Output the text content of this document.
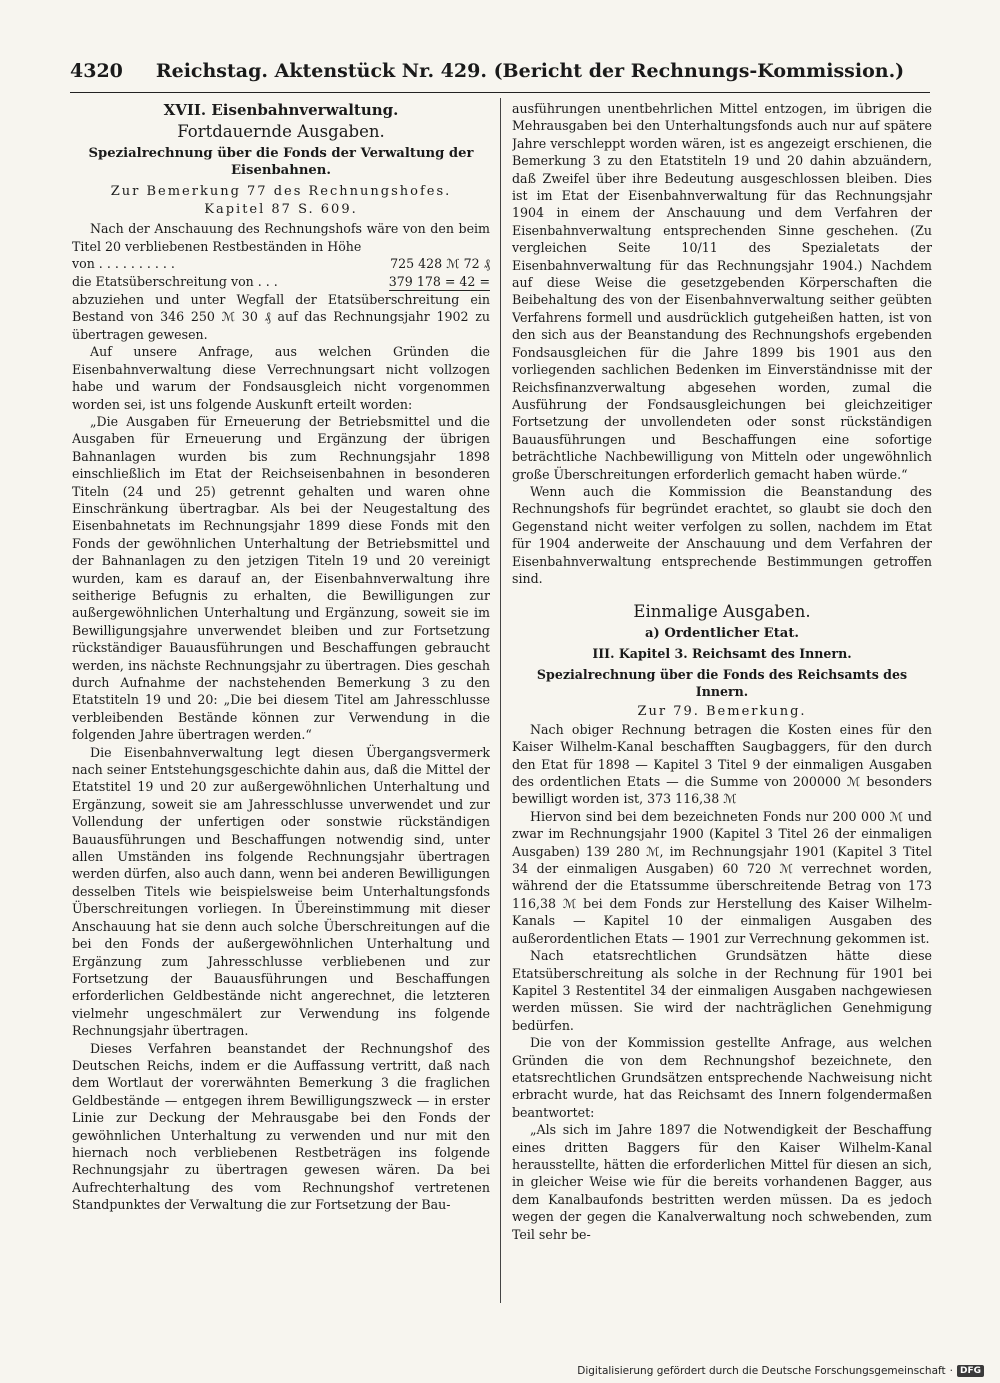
4320	Reichstag. Aktenstück Nr. 429. (Bericht der Rechnungs-Kommission.)
XVII. Eisenbahnverwaltung.
Fortdauernde Ausgaben.
Spezialrechnung über die Fonds der Verwaltung der Eisenbahnen.
Zur Bemerkung 77 des Rechnungshofes.
Kapitel 87 S. 609.

Nach der Anschauung des Rechnungshofs wäre von den beim Titel 20 verbliebenen Restbeständen in Höhe

von . . . . . . . . . .	725 428 ℳ 72 ₰
die Etatsüberschreitung von . . .	379 178 = 42 =

abzuziehen und unter Wegfall der Etatsüberschreitung ein Bestand von 346 250 ℳ 30 ₰ auf das Rechnungsjahr 1902 zu übertragen gewesen.

Auf unsere Anfrage, aus welchen Gründen die Eisenbahnverwaltung diese Verrechnungsart nicht vollzogen habe und warum der Fondsausgleich nicht vorgenommen worden sei, ist uns folgende Auskunft erteilt worden:

„Die Ausgaben für Erneuerung der Betriebsmittel und die Ausgaben für Erneuerung und Ergänzung der übrigen Bahnanlagen wurden bis zum Rechnungsjahr 1898 einschließlich im Etat der Reichseisenbahnen in besonderen Titeln (24 und 25) getrennt gehalten und waren ohne Einschränkung übertragbar. Als bei der Neugestaltung des Eisenbahnetats im Rechnungsjahr 1899 diese Fonds mit den Fonds der gewöhnlichen Unterhaltung der Betriebsmittel und der Bahnanlagen zu den jetzigen Titeln 19 und 20 vereinigt wurden, kam es darauf an, der Eisenbahnverwaltung ihre seitherige Befugnis zu erhalten, die Bewilligungen zur außergewöhnlichen Unterhaltung und Ergänzung, soweit sie im Bewilligungsjahre unverwendet bleiben und zur Fortsetzung rückständiger Bauausführungen und Beschaffungen gebraucht werden, ins nächste Rechnungsjahr zu übertragen. Dies geschah durch Aufnahme der nachstehenden Bemerkung 3 zu den Etatstiteln 19 und 20: „Die bei diesem Titel am Jahresschlusse verbleibenden Bestände können zur Verwendung in die folgenden Jahre übertragen werden.“

Die Eisenbahnverwaltung legt diesen Übergangsvermerk nach seiner Entstehungsgeschichte dahin aus, daß die Mittel der Etatstitel 19 und 20 zur außergewöhnlichen Unterhaltung und Ergänzung, soweit sie am Jahresschlusse unverwendet und zur Vollendung der unfertigen oder sonstwie rückständigen Bauausführungen und Beschaffungen notwendig sind, unter allen Umständen ins folgende Rechnungsjahr übertragen werden dürfen, also auch dann, wenn bei anderen Bewilligungen desselben Titels wie beispielsweise beim Unterhaltungsfonds Überschreitungen vorliegen. In Übereinstimmung mit dieser Anschauung hat sie denn auch solche Überschreitungen auf die bei den Fonds der außergewöhnlichen Unterhaltung und Ergänzung zum Jahresschlusse verbliebenen und zur Fortsetzung der Bauausführungen und Beschaffungen erforderlichen Geldbestände nicht angerechnet, die letzteren vielmehr ungeschmälert zur Verwendung ins folgende Rechnungsjahr übertragen.

Dieses Verfahren beanstandet der Rechnungshof des Deutschen Reichs, indem er die Auffassung vertritt, daß nach dem Wortlaut der vorerwähnten Bemerkung 3 die fraglichen Geldbestände — entgegen ihrem Bewilligungszweck — in erster Linie zur Deckung der Mehrausgabe bei den Fonds der gewöhnlichen Unterhaltung zu verwenden und nur mit den hiernach noch verbliebenen Restbeträgen ins folgende Rechnungsjahr zu übertragen gewesen wären. Da bei Aufrechterhaltung des vom Rechnungshof vertretenen Standpunktes der Verwaltung die zur Fortsetzung der Bau-

ausführungen unentbehrlichen Mittel entzogen, im übrigen die Mehrausgaben bei den Unterhaltungsfonds auch nur auf spätere Jahre verschleppt worden wären, ist es angezeigt erschienen, die Bemerkung 3 zu den Etatstiteln 19 und 20 dahin abzuändern, daß Zweifel über ihre Bedeutung ausgeschlossen bleiben. Dies ist im Etat der Eisenbahnverwaltung für das Rechnungsjahr 1904 in einem der Anschauung und dem Verfahren der Eisenbahnverwaltung entsprechenden Sinne geschehen. (Zu vergleichen Seite 10/11 des Spezialetats der Eisenbahnverwaltung für das Rechnungsjahr 1904.) Nachdem auf diese Weise die gesetzgebenden Körperschaften die Beibehaltung des von der Eisenbahnverwaltung seither geübten Verfahrens formell und ausdrücklich gutgeheißen hatten, ist von den sich aus der Beanstandung des Rechnungshofs ergebenden Fondsausgleichen für die Jahre 1899 bis 1901 aus den vorliegenden sachlichen Bedenken im Einverständnisse mit der Reichsfinanzverwaltung abgesehen worden, zumal die Ausführung der Fondsausgleichungen bei gleichzeitiger Fortsetzung der unvollendeten oder sonst rückständigen Bauausführungen und Beschaffungen eine sofortige beträchtliche Nachbewilligung von Mitteln oder ungewöhnlich große Überschreitungen erforderlich gemacht haben würde.“

Wenn auch die Kommission die Beanstandung des Rechnungshofs für begründet erachtet, so glaubt sie doch den Gegenstand nicht weiter verfolgen zu sollen, nachdem im Etat für 1904 anderweite der Anschauung und dem Verfahren der Eisenbahnverwaltung entsprechende Bestimmungen getroffen sind.

Einmalige Ausgaben.
a) Ordentlicher Etat.
III. Kapitel 3. Reichsamt des Innern.
Spezialrechnung über die Fonds des Reichsamts des Innern.
Zur 79. Bemerkung.

Nach obiger Rechnung betragen die Kosten eines für den Kaiser Wilhelm-Kanal beschafften Saugbaggers, für den durch den Etat für 1898 — Kapitel 3 Titel 9 der einmaligen Ausgaben des ordentlichen Etats — die Summe von 200000 ℳ besonders bewilligt worden ist, 373 116,38 ℳ

Hiervon sind bei dem bezeichneten Fonds nur 200 000 ℳ und zwar im Rechnungsjahr 1900 (Kapitel 3 Titel 26 der einmaligen Ausgaben) 139 280 ℳ, im Rechnungsjahr 1901 (Kapitel 3 Titel 34 der einmaligen Ausgaben) 60 720 ℳ verrechnet worden, während der die Etatssumme überschreitende Betrag von 173 116,38 ℳ bei dem Fonds zur Herstellung des Kaiser Wilhelm-Kanals — Kapitel 10 der einmaligen Ausgaben des außerordentlichen Etats — 1901 zur Verrechnung gekommen ist.

Nach etatsrechtlichen Grundsätzen hätte diese Etatsüberschreitung als solche in der Rechnung für 1901 bei Kapitel 3 Restentitel 34 der einmaligen Ausgaben nachgewiesen werden müssen. Sie wird der nachträglichen Genehmigung bedürfen.

Die von der Kommission gestellte Anfrage, aus welchen Gründen die von dem Rechnungshof bezeichnete, den etatsrechtlichen Grundsätzen entsprechende Nachweisung nicht erbracht wurde, hat das Reichsamt des Innern folgendermaßen beantwortet:

„Als sich im Jahre 1897 die Notwendigkeit der Beschaffung eines dritten Baggers für den Kaiser Wilhelm-Kanal herausstellte, hätten die erforderlichen Mittel für diesen an sich, in gleicher Weise wie für die bereits vorhandenen Bagger, aus dem Kanalbaufonds bestritten werden müssen. Da es jedoch wegen der gegen die Kanalverwaltung noch schwebenden, zum Teil sehr be-

Digitalisierung gefördert durch die Deutsche Forschungsgemeinschaft · DFG
